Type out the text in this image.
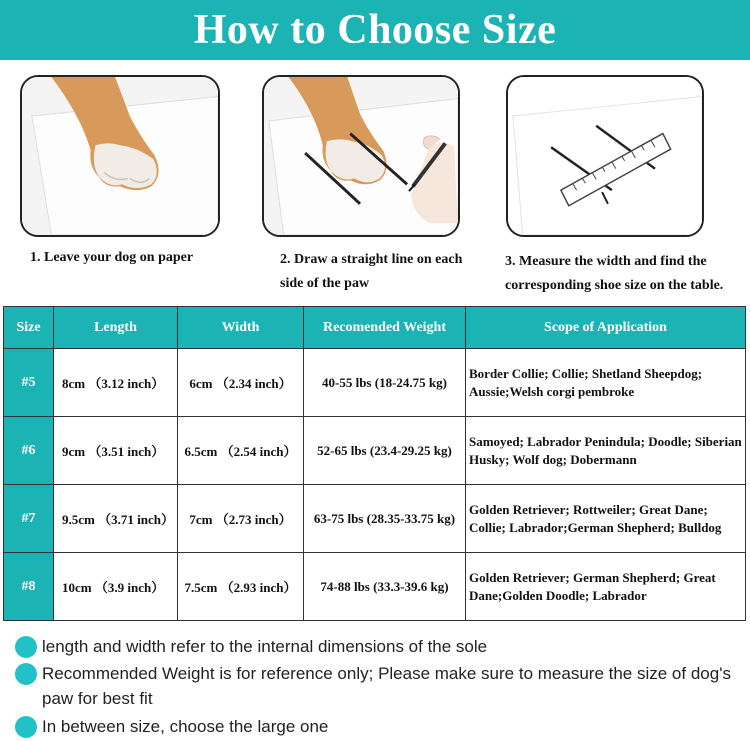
How to Choose Size
1. Leave your dog on paper	2. Draw a straight line on each side of the paw
3. Measure the width and find the corresponding shoe size on the table.
Size	Length	Width	Recomended Weight	Scope of Application
#5	8cm （3.12 inch）	6cm （2.34 inch）	40-55 lbs (18-24.75 kg)	Border Collie; Collie; Shetland Sheepdog; Aussie;Welsh corgi pembroke
#6	9cm （3.51 inch）	6.5cm （2.54 inch）	52-65 lbs (23.4-29.25 kg)	Samoyed; Labrador Penindula; Doodle; Siberian Husky; Wolf dog; Dobermann
#7	9.5cm （3.71 inch）	7cm （2.73 inch）	63-75 lbs (28.35-33.75 kg)	Golden Retriever; Rottweiler; Great Dane; Collie; Labrador;German Shepherd; Bulldog
#8	10cm （3.9 inch）	7.5cm （2.93 inch）	74-88 lbs (33.3-39.6 kg)	Golden Retriever; German Shepherd; Great Dane;Golden Doodle; Labrador
length and width refer to the internal dimensions of the sole
Recommended Weight is for reference only; Please make sure to measure the size of dog's paw for best fit
In between size, choose the large one
